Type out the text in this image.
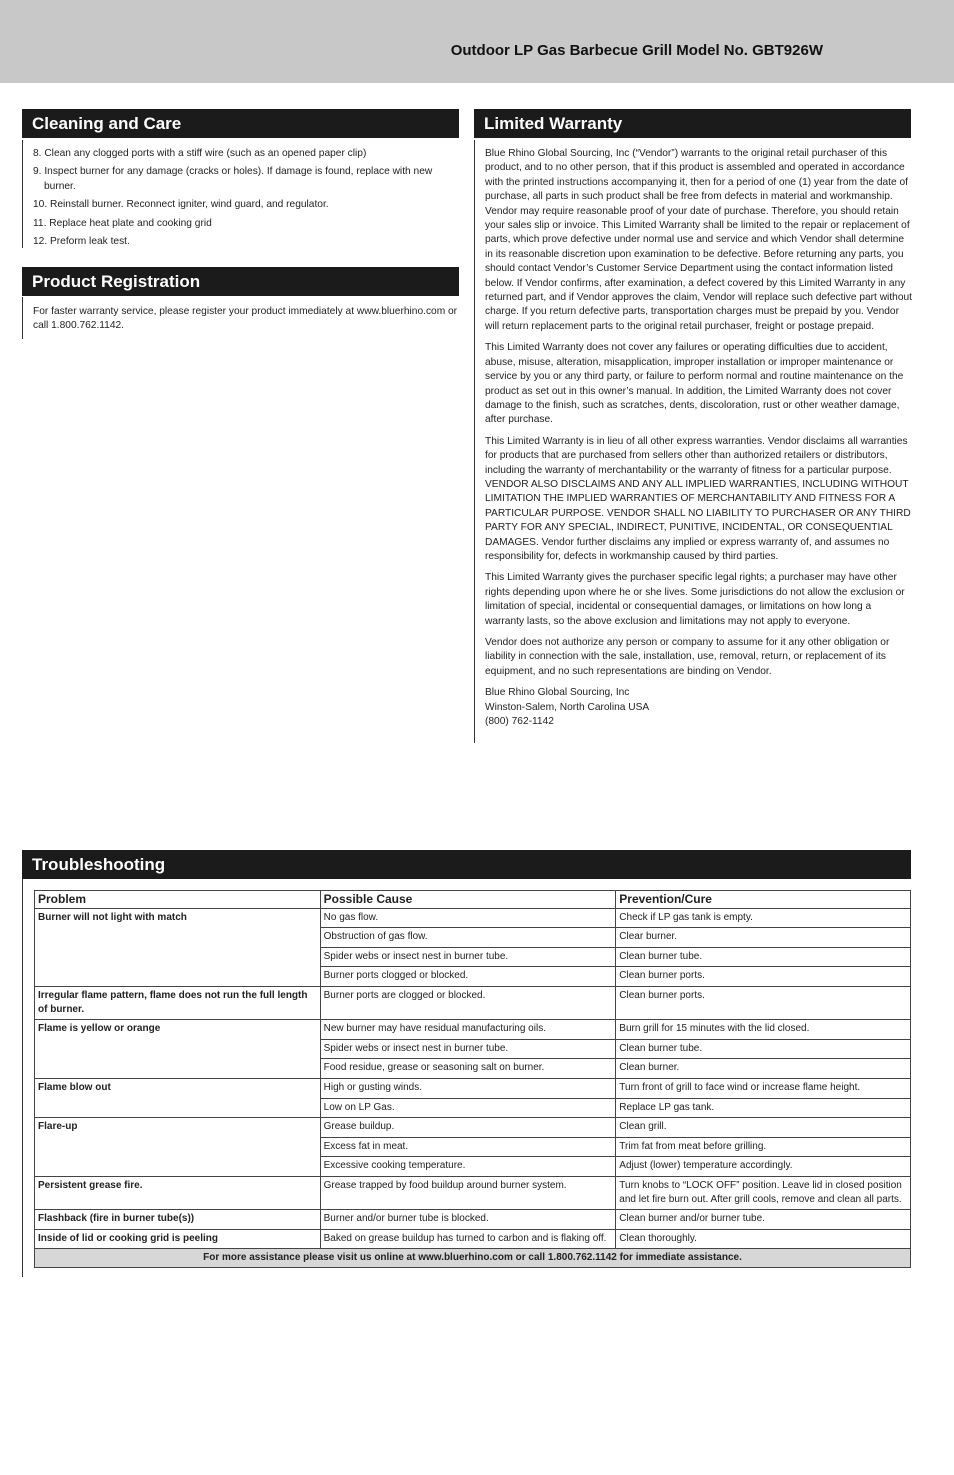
Outdoor LP Gas Barbecue Grill Model No. GBT926W
Cleaning and Care
8. Clean any clogged ports with a stiff wire (such as an opened paper clip)
9. Inspect burner for any damage (cracks or holes). If damage is found, replace with new burner.
10. Reinstall burner. Reconnect igniter, wind guard, and regulator.
11. Replace heat plate and cooking grid
12. Preform leak test.
Product Registration
For faster warranty service, please register your product immediately at www.bluerhino.com or call 1.800.762.1142.
Limited Warranty

Blue Rhino Global Sourcing, Inc (“Vendor”) warrants to the original retail purchaser of this product, and to no other person, that if this product is assembled and operated in accordance with the printed instructions accompanying it, then for a period of one (1) year from the date of purchase, all parts in such product shall be free from defects in material and workmanship. Vendor may require reasonable proof of your date of purchase. Therefore, you should retain your sales slip or invoice. This Limited Warranty shall be limited to the repair or replacement of parts, which prove defective under normal use and service and which Vendor shall determine in its reasonable discretion upon examination to be defective. Before returning any parts, you should contact Vendor’s Customer Service Department using the contact information listed below. If Vendor confirms, after examination, a defect covered by this Limited Warranty in any returned part, and if Vendor approves the claim, Vendor will replace such defective part without charge. If you return defective parts, transportation charges must be prepaid by you. Vendor will return replacement parts to the original retail purchaser, freight or postage prepaid.

This Limited Warranty does not cover any failures or operating difficulties due to accident, abuse, misuse, alteration, misapplication, improper installation or improper maintenance or service by you or any third party, or failure to perform normal and routine maintenance on the product as set out in this owner’s manual. In addition, the Limited Warranty does not cover damage to the finish, such as scratches, dents, discoloration, rust or other weather damage, after purchase.

This Limited Warranty is in lieu of all other express warranties. Vendor disclaims all warranties for products that are purchased from sellers other than authorized retailers or distributors, including the warranty of merchantability or the warranty of fitness for a particular purpose. VENDOR ALSO DISCLAIMS AND ANY ALL IMPLIED WARRANTIES, INCLUDING WITHOUT LIMITATION THE IMPLIED WARRANTIES OF MERCHANTABILITY AND FITNESS FOR A PARTICULAR PURPOSE. VENDOR SHALL NO LIABILITY TO PURCHASER OR ANY THIRD PARTY FOR ANY SPECIAL, INDIRECT, PUNITIVE, INCIDENTAL, OR CONSEQUENTIAL DAMAGES. Vendor further disclaims any implied or express warranty of, and assumes no responsibility for, defects in workmanship caused by third parties.

This Limited Warranty gives the purchaser specific legal rights; a purchaser may have other rights depending upon where he or she lives. Some jurisdictions do not allow the exclusion or limitation of special, incidental or consequential damages, or limitations on how long a warranty lasts, so the above exclusion and limitations may not apply to everyone.

Vendor does not authorize any person or company to assume for it any other obligation or liability in connection with the sale, installation, use, removal, return, or replacement of its equipment, and no such representations are binding on Vendor.

Blue Rhino Global Sourcing, Inc

Winston-Salem, North Carolina USA

(800) 762-1142

Troubleshooting
Problem	Possible Cause	Prevention/Cure
Burner will not light with match	No gas flow.	Check if LP gas tank is empty.
	Obstruction of gas flow.	Clear burner.
	Spider webs or insect nest in burner tube.	Clean burner tube.
	Burner ports clogged or blocked.	Clean burner ports.
Irregular flame pattern, flame does not run the full length of burner.	Burner ports are clogged or blocked.	Clean burner ports.
Flame is yellow or orange	New burner may have residual manufacturing oils.	Burn grill for 15 minutes with the lid closed.
	Spider webs or insect nest in burner tube.	Clean burner tube.
	Food residue, grease or seasoning salt on burner.	Clean burner.
Flame blow out	High or gusting winds.	Turn front of grill to face wind or increase flame height.
	Low on LP Gas.	Replace LP gas tank.
Flare-up	Grease buildup.	Clean grill.
	Excess fat in meat.	Trim fat from meat before grilling.
	Excessive cooking temperature.	Adjust (lower) temperature accordingly.
Persistent grease fire.	Grease trapped by food buildup around burner system.	Turn knobs to “LOCK OFF” position. Leave lid in closed position and let fire burn out. After grill cools, remove and clean all parts.
Flashback (fire in burner tube(s))	Burner and/or burner tube is blocked.	Clean burner and/or burner tube.
Inside of lid or cooking grid is peeling	Baked on grease buildup has turned to carbon and is flaking off.	Clean thoroughly.
For more assistance please visit us online at www.bluerhino.com or call 1.800.762.1142 for immediate assistance.		
